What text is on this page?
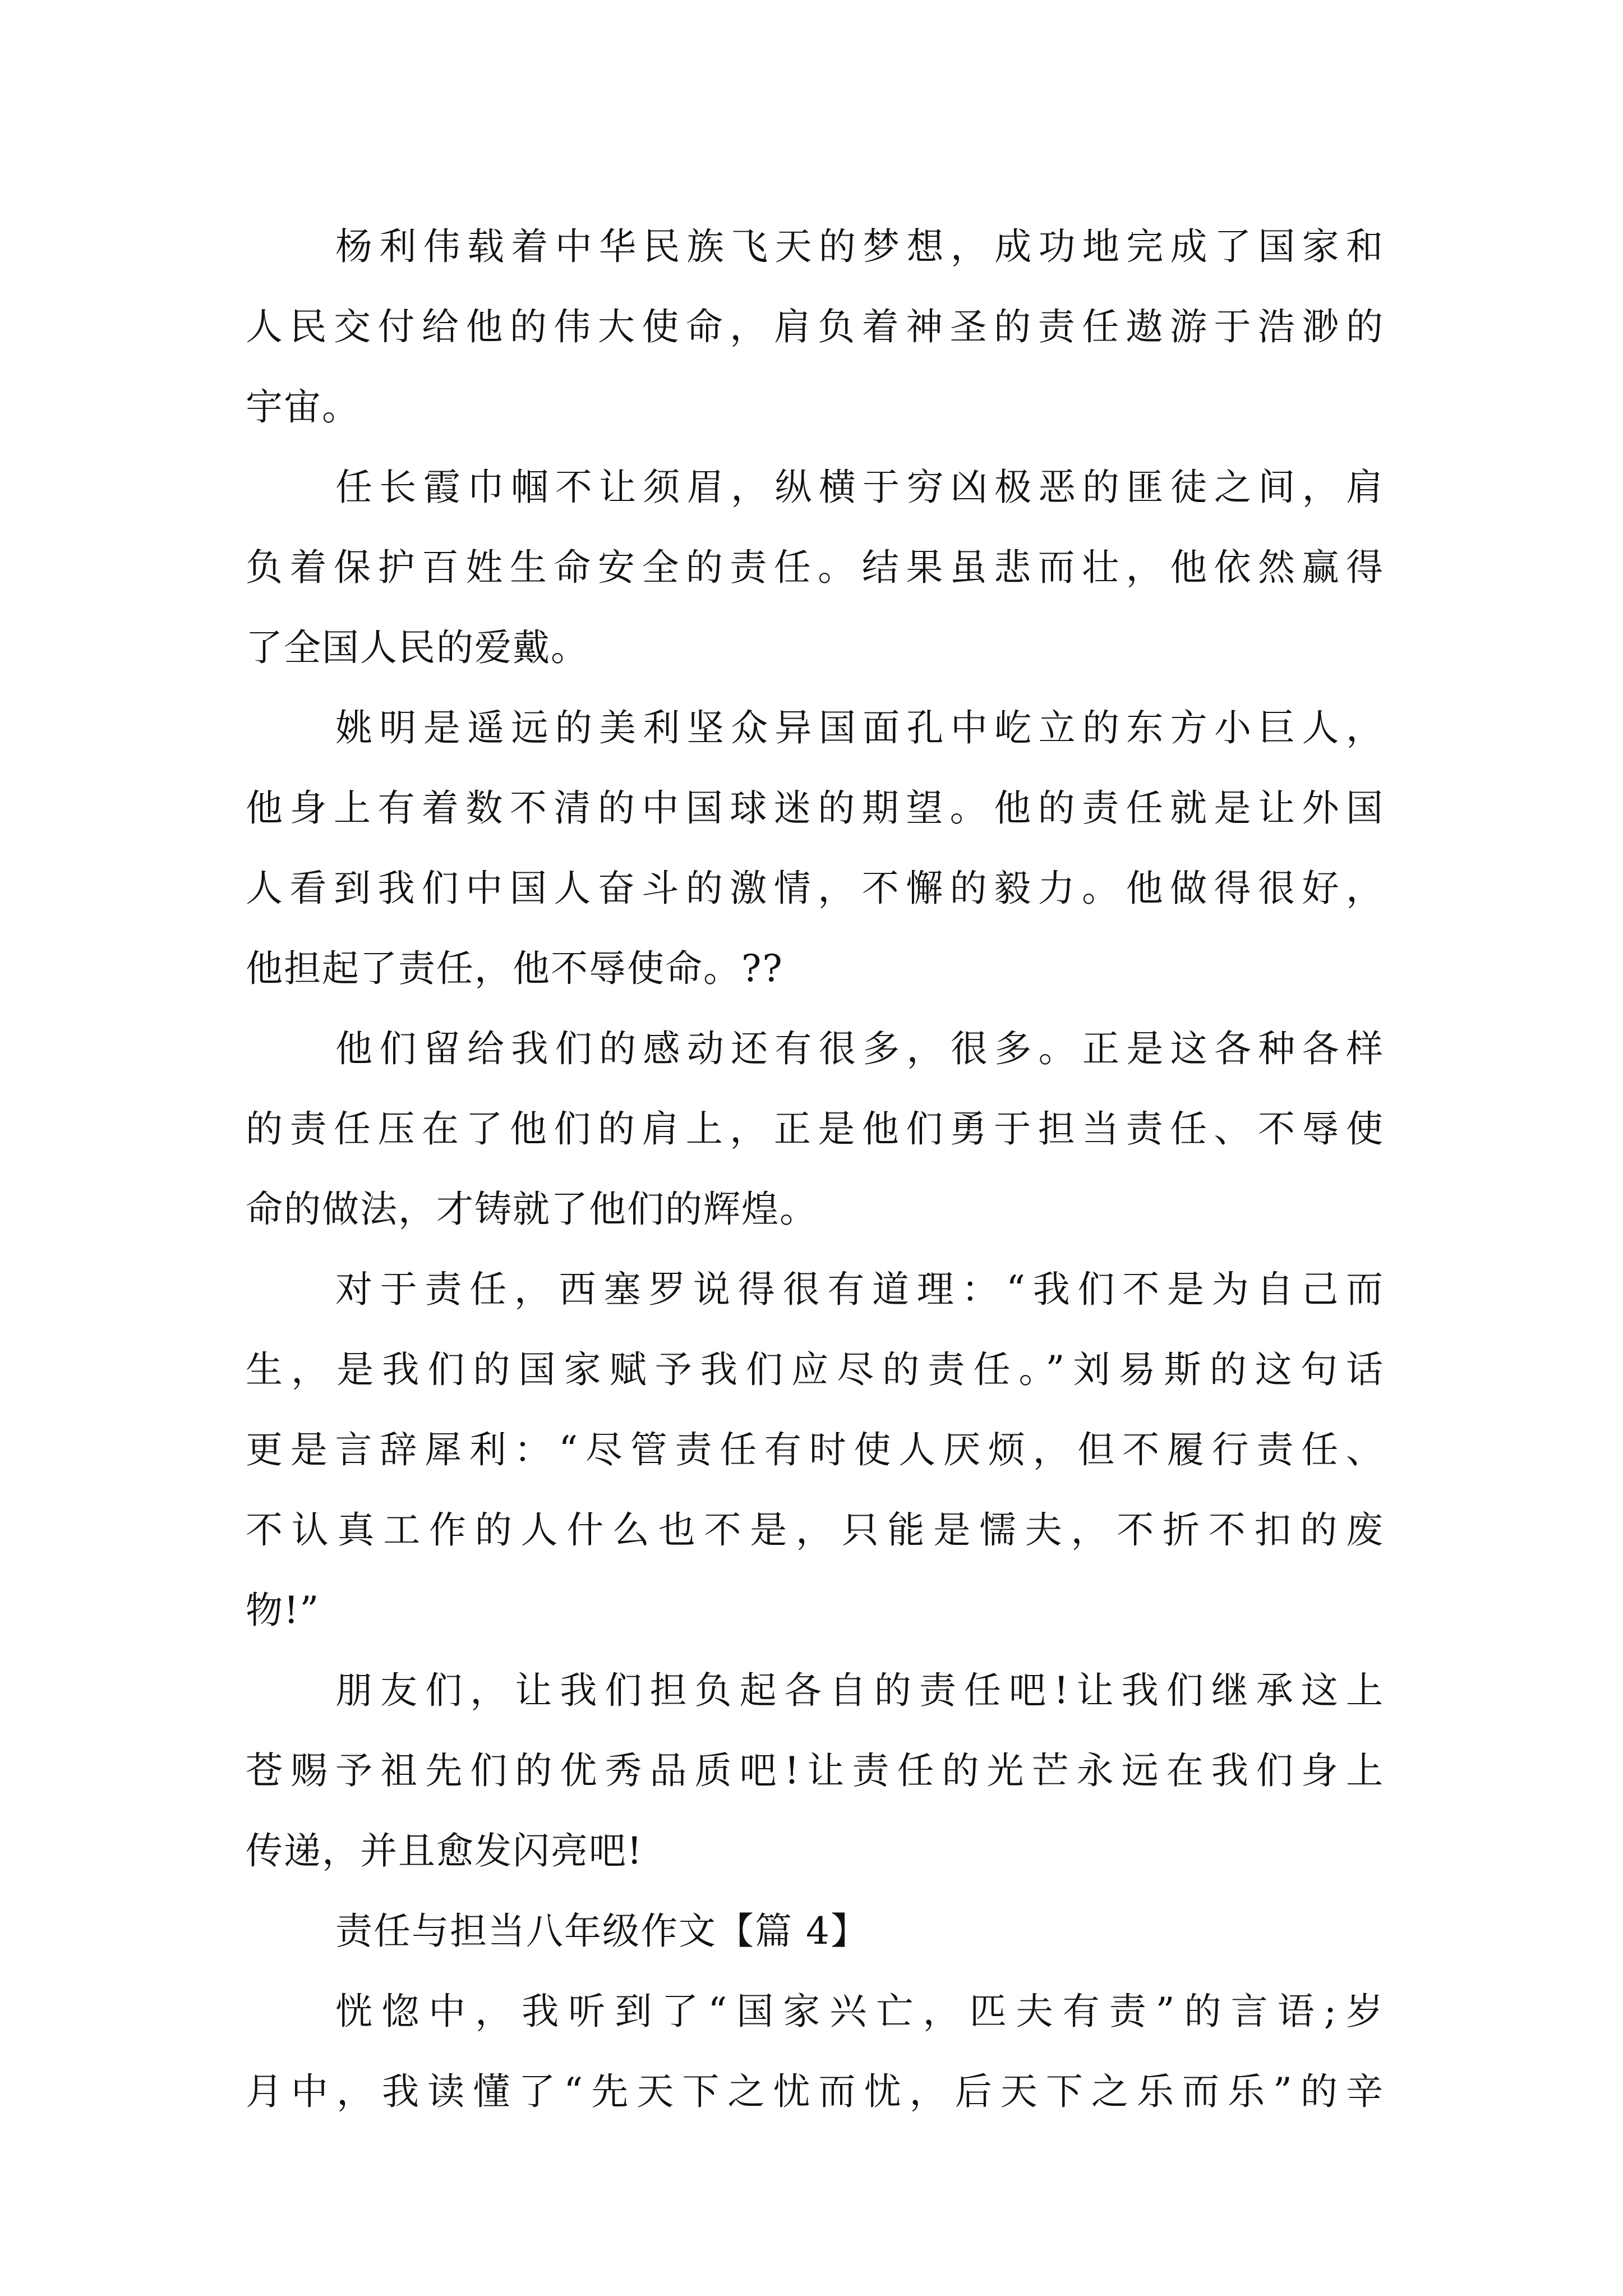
杨利伟载着中华民族飞天的梦想，成功地完成了国家和
人民交付给他的伟大使命，肩负着神圣的责任遨游于浩渺的
宇宙。
任长霞巾帼不让须眉，纵横于穷凶极恶的匪徒之间，肩
负着保护百姓生命安全的责任。结果虽悲而壮，他依然赢得
了全国人民的爱戴。
姚明是遥远的美利坚众异国面孔中屹立的东方小巨人，
他身上有着数不清的中国球迷的期望。他的责任就是让外国
人看到我们中国人奋斗的激情，不懈的毅力。他做得很好，
他担起了责任，他不辱使命。??
他们留给我们的感动还有很多，很多。正是这各种各样
的责任压在了他们的肩上，正是他们勇于担当责任、不辱使
命的做法，才铸就了他们的辉煌。
对于责任，西塞罗说得很有道理：“我们不是为自己而
生，是我们的国家赋予我们应尽的责任。”刘易斯的这句话
更是言辞犀利：“尽管责任有时使人厌烦，但不履行责任、
不认真工作的人什么也不是，只能是懦夫，不折不扣的废
物!”
朋友们，让我们担负起各自的责任吧!让我们继承这上
苍赐予祖先们的优秀品质吧!让责任的光芒永远在我们身上
传递，并且愈发闪亮吧!
责任与担当八年级作文【篇 4】
恍惚中，我听到了“国家兴亡，匹夫有责”的言语;岁
月中，我读懂了“先天下之忧而忧，后天下之乐而乐”的辛
